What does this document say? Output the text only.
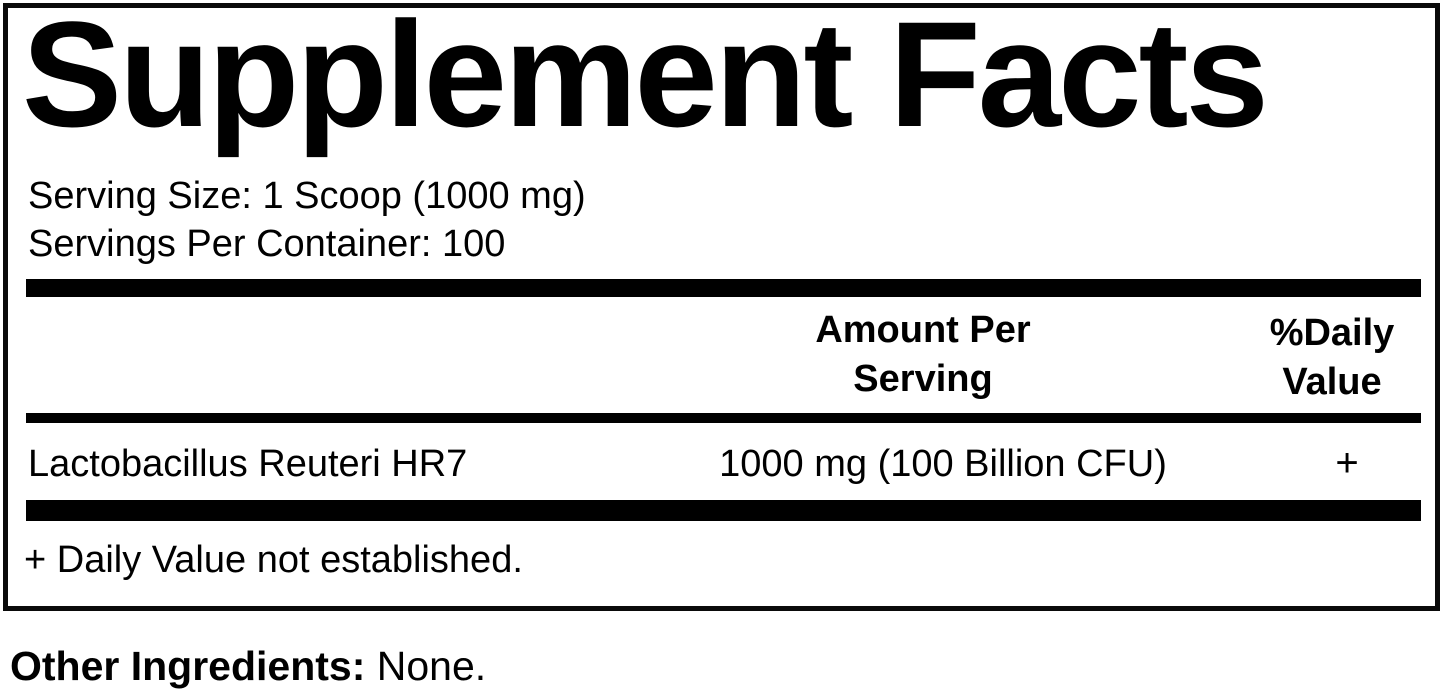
Supplement Facts
Serving Size: 1 Scoop (1000 mg)
Servings Per Container: 100
Amount Per
Serving
%Daily
Value
Lactobacillus Reuteri HR7	1000 mg (100 Billion CFU)	+
+ Daily Value not established.
Other Ingredients: None.
